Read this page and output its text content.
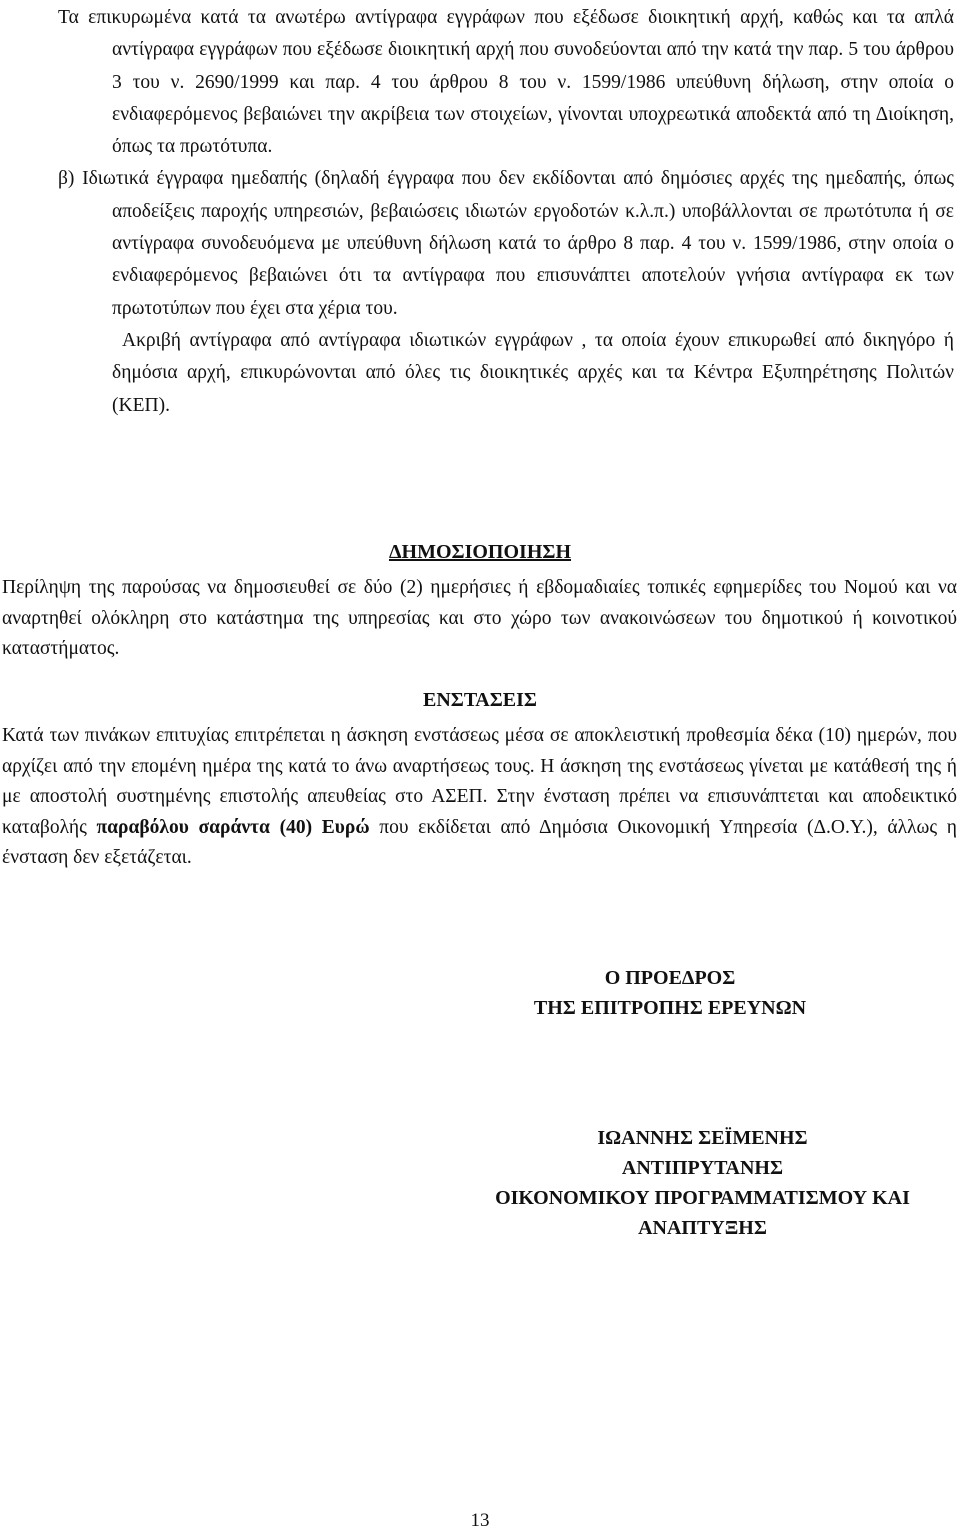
Τα επικυρωμένα κατά τα ανωτέρω αντίγραφα εγγράφων που εξέδωσε διοικητική αρχή, καθώς και τα απλά αντίγραφα εγγράφων που εξέδωσε διοικητική αρχή που συνοδεύονται από την κατά την παρ. 5 του άρθρου 3 του ν. 2690/1999 και παρ. 4 του άρθρου 8 του ν. 1599/1986 υπεύθυνη δήλωση, στην οποία ο ενδιαφερόμενος βεβαιώνει την ακρίβεια των στοιχείων, γίνονται υποχρεωτικά αποδεκτά από τη Διοίκηση, όπως τα πρωτότυπα.

β) Ιδιωτικά έγγραφα ημεδαπής (δηλαδή έγγραφα που δεν εκδίδονται από δημόσιες αρχές της ημεδαπής, όπως αποδείξεις παροχής υπηρεσιών, βεβαιώσεις ιδιωτών εργοδοτών κ.λ.π.) υποβάλλονται σε πρωτότυπα ή σε αντίγραφα συνοδευόμενα με υπεύθυνη δήλωση κατά το άρθρο 8 παρ. 4 του ν. 1599/1986, στην οποία ο ενδιαφερόμενος βεβαιώνει ότι τα αντίγραφα που επισυνάπτει αποτελούν γνήσια αντίγραφα εκ των πρωτοτύπων που έχει στα χέρια του.

Ακριβή αντίγραφα από αντίγραφα ιδιωτικών εγγράφων , τα οποία έχουν επικυρωθεί από δικηγόρο ή δημόσια αρχή, επικυρώνονται από όλες τις διοικητικές αρχές και τα Κέντρα Εξυπηρέτησης Πολιτών (ΚΕΠ).

ΔΗΜΟΣΙΟΠΟΙΗΣΗ

Περίληψη της παρούσας να δημοσιευθεί σε δύο (2) ημερήσιες ή εβδομαδιαίες τοπικές εφημερίδες του Νομού και να αναρτηθεί ολόκληρη στο κατάστημα της υπηρεσίας και στο χώρο των ανακοινώσεων του δημοτικού ή κοινοτικού καταστήματος.

ΕΝΣΤΑΣΕΙΣ

Κατά των πινάκων επιτυχίας επιτρέπεται η άσκηση ενστάσεως μέσα σε αποκλειστική προθεσμία δέκα (10) ημερών, που αρχίζει από την επομένη ημέρα της κατά το άνω αναρτήσεως τους. Η άσκηση της ενστάσεως γίνεται με κατάθεσή της ή με αποστολή συστημένης επιστολής απευθείας στο ΑΣΕΠ. Στην ένσταση πρέπει να επισυνάπτεται και αποδεικτικό καταβολής παραβόλου σαράντα (40) Ευρώ που εκδίδεται από Δημόσια Οικονομική Υπηρεσία (Δ.Ο.Υ.), άλλως η ένσταση δεν εξετάζεται.

Ο ΠΡΟΕΔΡΟΣ
ΤΗΣ ΕΠΙΤΡΟΠΗΣ ΕΡΕΥΝΩΝ
ΙΩΑΝΝΗΣ ΣΕΪΜΕΝΗΣ
ΑΝΤΙΠΡΥΤΑΝΗΣ
ΟΙΚΟΝΟΜΙΚΟΥ ΠΡΟΓΡΑΜΜΑΤΙΣΜΟΥ ΚΑΙ
ΑΝΑΠΤΥΞΗΣ
13
